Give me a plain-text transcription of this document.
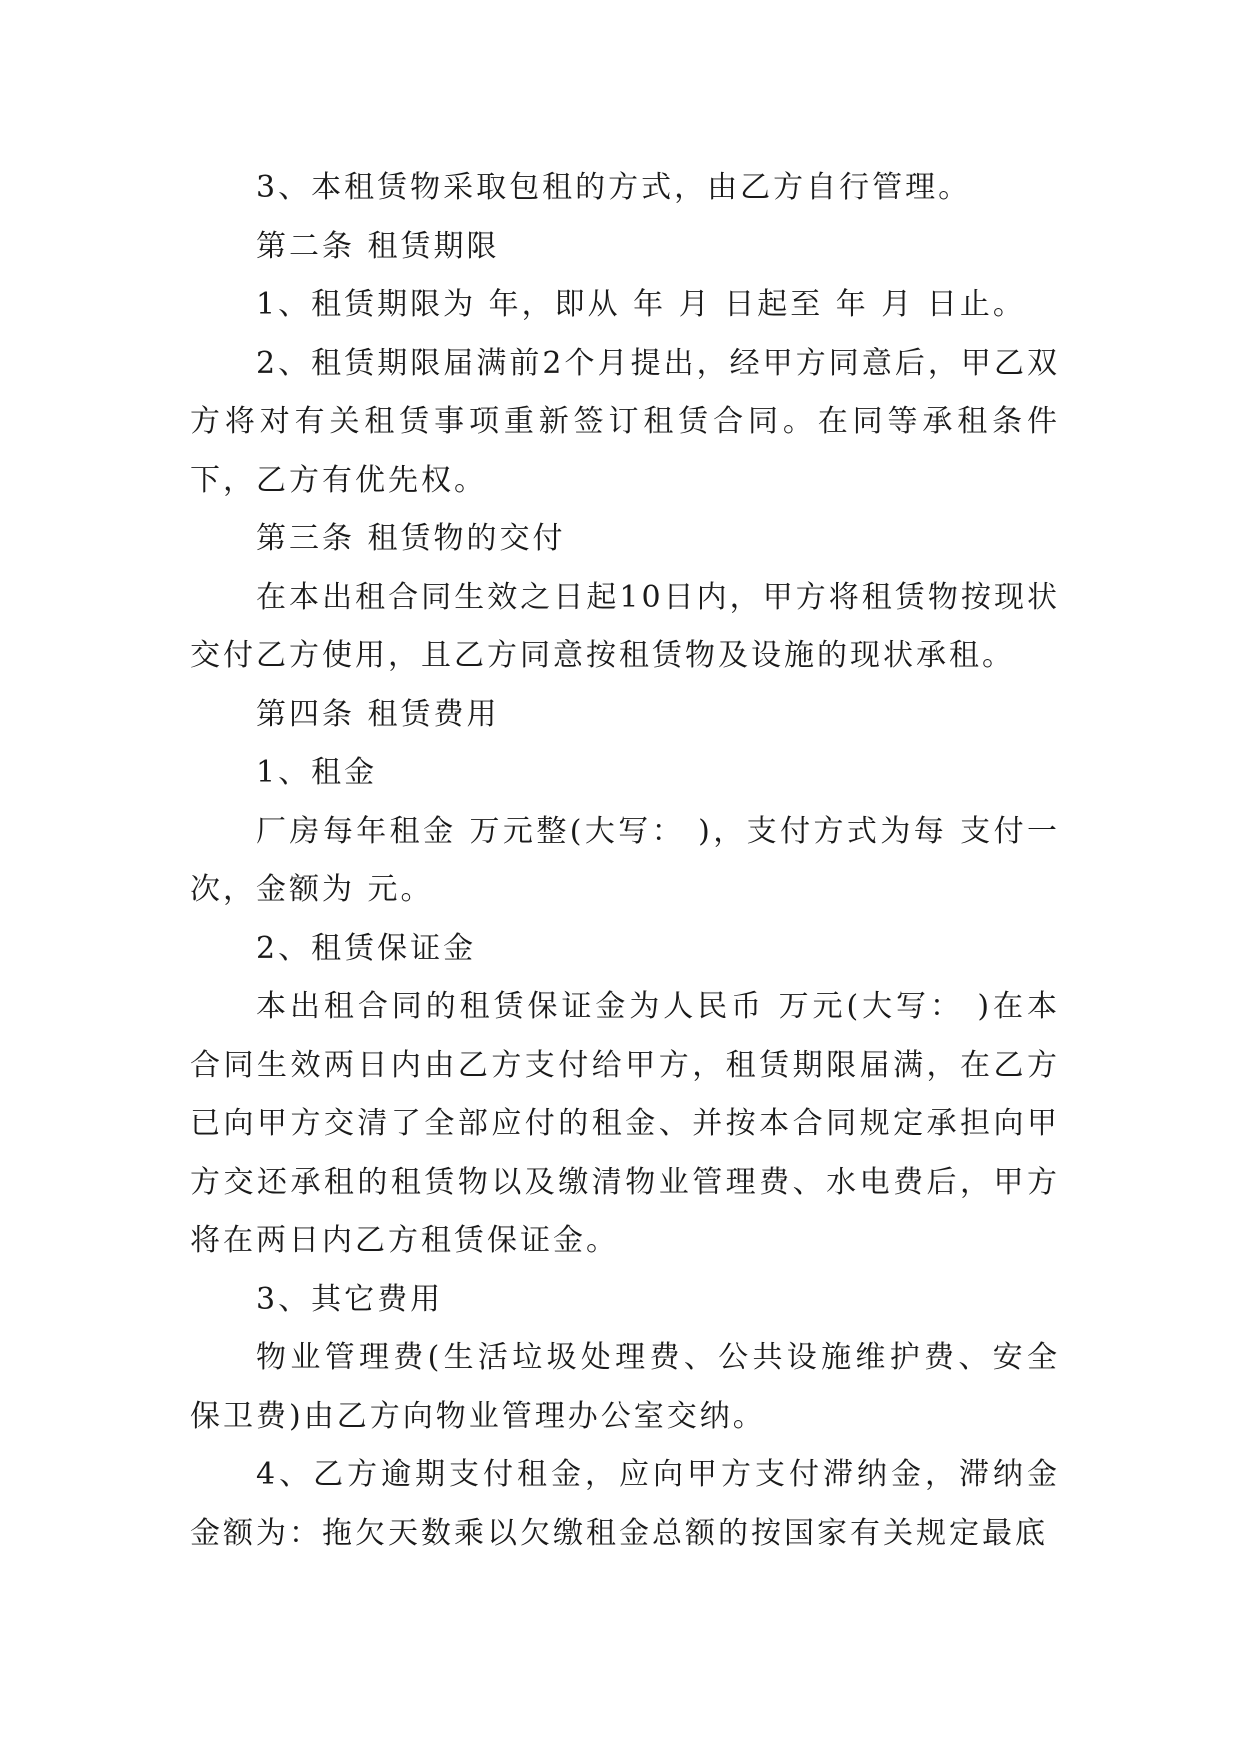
3、本租赁物采取包租的方式，由乙方自行管理。

第二条 租赁期限

1、租赁期限为 年，即从 年 月 日起至 年 月 日止。

2、租赁期限届满前2个月提出，经甲方同意后，甲乙双方将对有关租赁事项重新签订租赁合同。在同等承租条件下，乙方有优先权。

第三条 租赁物的交付

在本出租合同生效之日起10日内，甲方将租赁物按现状交付乙方使用，且乙方同意按租赁物及设施的现状承租。

第四条 租赁费用

1、租金

厂房每年租金 万元整(大写： )，支付方式为每 支付一次，金额为 元。

2、租赁保证金

本出租合同的租赁保证金为人民币 万元(大写： )在本合同生效两日内由乙方支付给甲方，租赁期限届满，在乙方已向甲方交清了全部应付的租金、并按本合同规定承担向甲方交还承租的租赁物以及缴清物业管理费、水电费后，甲方将在两日内乙方租赁保证金。

3、其它费用

物业管理费(生活垃圾处理费、公共设施维护费、安全保卫费)由乙方向物业管理办公室交纳。

4、乙方逾期支付租金，应向甲方支付滞纳金，滞纳金金额为：拖欠天数乘以欠缴租金总额的按国家有关规定最底
